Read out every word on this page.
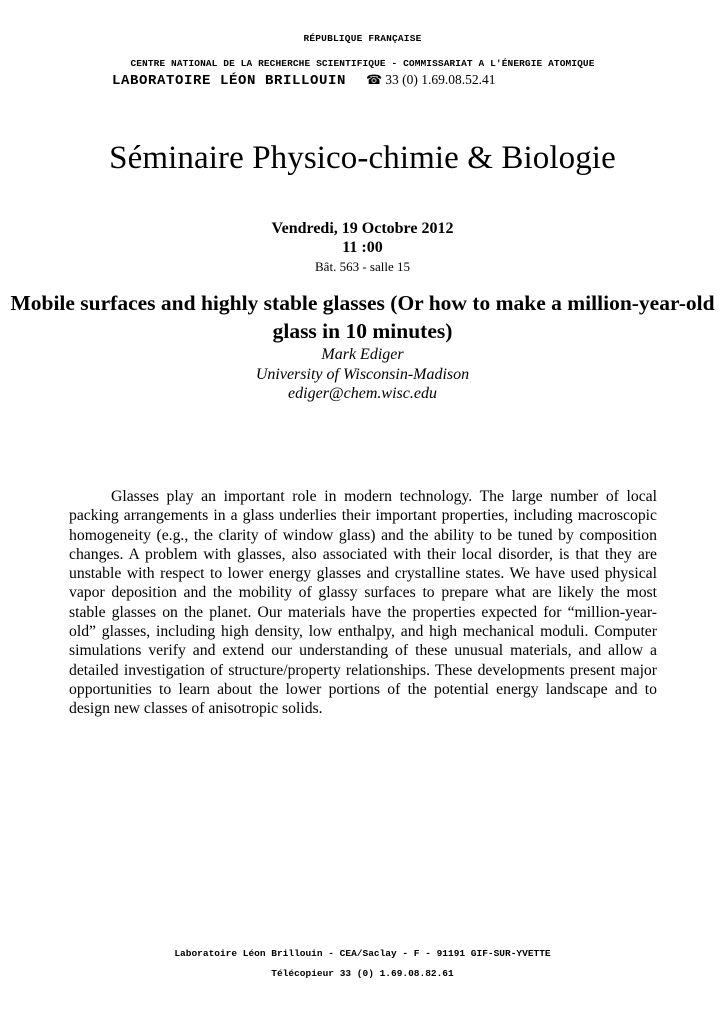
RÉPUBLIQUE FRANÇAISE
CENTRE NATIONAL DE LA RECHERCHE SCIENTIFIQUE - COMMISSARIAT A L'ÉNERGIE ATOMIQUE
LABORATOIRE LÉON BRILLOUIN ☎ 33 (0) 1.69.08.52.41
Séminaire Physico-chimie & Biologie
Vendredi, 19 Octobre 2012
11 :00
Bât. 563 - salle 15
Mobile surfaces and highly stable glasses (Or how to make a million-year-old glass in 10 minutes)
Mark Ediger
University of Wisconsin-Madison
ediger@chem.wisc.edu

Glasses play an important role in modern technology. The large number of local packing arrangements in a glass underlies their important properties, including macroscopic homogeneity (e.g., the clarity of window glass) and the ability to be tuned by composition changes. A problem with glasses, also associated with their local disorder, is that they are unstable with respect to lower energy glasses and crystalline states. We have used physical vapor deposition and the mobility of glassy surfaces to prepare what are likely the most stable glasses on the planet. Our materials have the properties expected for “million-year-old” glasses, including high density, low enthalpy, and high mechanical moduli. Computer simulations verify and extend our understanding of these unusual materials, and allow a detailed investigation of structure/property relationships. These developments present major opportunities to learn about the lower portions of the potential energy landscape and to design new classes of anisotropic solids.

Laboratoire Léon Brillouin - CEA/Saclay - F - 91191 GIF-SUR-YVETTE
Télécopieur 33 (0) 1.69.08.82.61
